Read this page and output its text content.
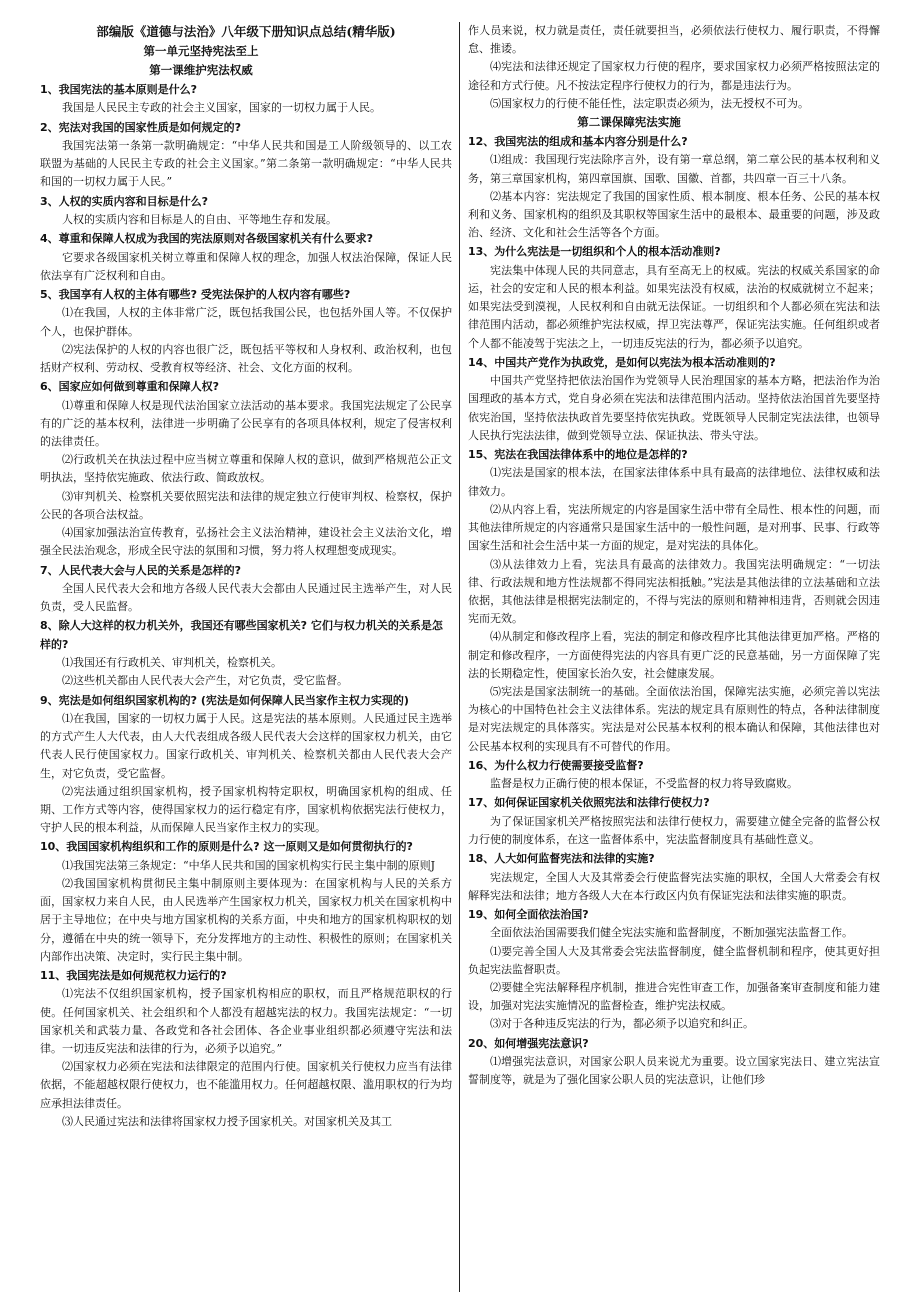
部编版《道德与法治》八年级下册知识点总结(精华版)

第一单元坚持宪法至上

第一课维护宪法权威

1、我国宪法的基本原则是什么?

我国是人民民主专政的社会主义国家，国家的一切权力属于人民。

2、宪法对我国的国家性质是如何规定的?

我国宪法第一条第一款明确规定：“中华人民共和国是工人阶级领导的、以工农联盟为基础的人民民主专政的社会主义国家。”第二条第一款明确规定：“中华人民共和国的一切权力属于人民。”

3、人权的实质内容和目标是什么?

人权的实质内容和目标是人的自由、平等地生存和发展。

4、尊重和保障人权成为我国的宪法原则对各级国家机关有什么要求?

它要求各级国家机关树立尊重和保障人权的理念，加强人权法治保障，保证人民依法享有广泛权利和自由。

5、我国享有人权的主体有哪些? 受宪法保护的人权内容有哪些?

⑴在我国，人权的主体非常广泛，既包括我国公民，也包括外国人等。不仅保护个人，也保护群体。

⑵宪法保护的人权的内容也很广泛，既包括平等权和人身权利、政治权利，也包括财产权利、劳动权、受教育权等经济、社会、文化方面的权利。

6、国家应如何做到尊重和保障人权?

⑴尊重和保障人权是现代法治国家立法活动的基本要求。我国宪法规定了公民享有的广泛的基本权利，法律进一步明确了公民享有的各项具体权利，规定了侵害权利的法律责任。

⑵行政机关在执法过程中应当树立尊重和保障人权的意识，做到严格规范公正文明执法，坚持依宪施政、依法行政、简政放权。

⑶审判机关、检察机关要依照宪法和法律的规定独立行使审判权、检察权，保护公民的各项合法权益。

⑷国家加强法治宣传教育，弘扬社会主义法治精神，建设社会主义法治文化，增强全民法治观念，形成全民守法的氛围和习惯，努力将人权理想变成现实。

7、人民代表大会与人民的关系是怎样的?

全国人民代表大会和地方各级人民代表大会都由人民通过民主选举产生，对人民负责，受人民监督。

8、除人大这样的权力机关外，我国还有哪些国家机关? 它们与权力机关的关系是怎样的?

⑴我国还有行政机关、审判机关，检察机关。

⑵这些机关都由人民代表大会产生，对它负责，受它监督。

9、宪法是如何组织国家机构的? (宪法是如何保障人民当家作主权力实现的)

⑴在我国，国家的一切权力属于人民。这是宪法的基本原则。人民通过民主选举的方式产生人大代表，由人大代表组成各级人民代表大会这样的国家权力机关，由它代表人民行使国家权力。国家行政机关、审判机关、检察机关都由人民代表大会产生，对它负责，受它监督。

⑵宪法通过组织国家机构，授予国家机构特定职权，明确国家机构的组成、任期、工作方式等内容，使得国家权力的运行稳定有序，国家机构依据宪法行使权力，守护人民的根本利益，从而保障人民当家作主权力的实现。

10、我国国家机构组织和工作的原则是什么? 这一原则又是如何贯彻执行的?

⑴我国宪法第三条规定：“中华人民共和国的国家机构实行民主集中制的原则J

⑵我国国家机构贯彻民主集中制原则主要体现为：在国家机构与人民的关系方面，国家权力来自人民，由人民选举产生国家权力机关，国家权力机关在国家机构中居于主导地位；在中央与地方国家机构的关系方面，中央和地方的国家机构职权的划分，遵循在中央的统一领导下，充分发挥地方的主动性、积极性的原则；在国家机关内部作出决策、决定时，实行民主集中制。

11、我国宪法是如何规范权力运行的?

⑴宪法不仅组织国家机构，授予国家机构相应的职权，而且严格规范职权的行使。任何国家机关、社会组织和个人都没有超越宪法的权力。我国宪法规定：“一切国家机关和武装力量、各政党和各社会团体、各企业事业组织都必须遵守宪法和法律。一切违反宪法和法律的行为，必须予以追究。”

⑵国家权力必须在宪法和法律限定的范围内行使。国家机关行使权力应当有法律依据，不能超越权限行使权力，也不能滥用权力。任何超越权限、滥用职权的行为均应承担法律责任。

⑶人民通过宪法和法律将国家权力授予国家机关。对国家机关及其工

作人员来说，权力就是责任，责任就要担当，必须依法行使权力、履行职责，不得懈怠、推诿。

⑷宪法和法律还规定了国家权力行使的程序，要求国家权力必须严格按照法定的途径和方式行使。凡不按法定程序行使权力的行为，都是违法行为。

⑸国家权力的行使不能任性，法定职责必须为，法无授权不可为。

第二课保障宪法实施

12、我国宪法的组成和基本内容分别是什么?

⑴组成：我国现行宪法除序言外，设有第一章总纲，第二章公民的基本权利和义务，第三章国家机构，第四章国旗、国歌、国徽、首都，共四章一百三十八条。

⑵基本内容：宪法规定了我国的国家性质、根本制度、根本任务、公民的基本权利和义务、国家机构的组织及其职权等国家生活中的最根本、最重要的问题，涉及政治、经济、文化和社会生活等各个方面。

13、为什么宪法是一切组织和个人的根本活动准则?

宪法集中体现人民的共同意志，具有至高无上的权威。宪法的权威关系国家的命运，社会的安定和人民的根本利益。如果宪法没有权威，法治的权威就树立不起来；如果宪法受到漠视，人民权利和自由就无法保证。一切组织和个人都必须在宪法和法律范围内活动，都必须维护宪法权威，捍卫宪法尊严，保证宪法实施。任何组织或者个人都不能凌驾于宪法之上，一切违反宪法的行为，都必须予以追究。

14、中国共产党作为执政党，是如何以宪法为根本活动准则的?

中国共产党坚持把依法治国作为党领导人民治理国家的基本方略，把法治作为治国理政的基本方式，党自身必须在宪法和法律范围内活动。坚持依法治国首先要坚持依宪治国，坚持依法执政首先要坚持依宪执政。党既领导人民制定宪法法律，也领导人民执行宪法法律，做到党领导立法、保证执法、带头守法。

15、宪法在我国法律体系中的地位是怎样的?

⑴宪法是国家的根本法，在国家法律体系中具有最高的法律地位、法律权威和法律效力。

⑵从内容上看，宪法所规定的内容是国家生活中带有全局性、根本性的问题，而其他法律所规定的内容通常只是国家生活中的一般性问题，是对刑事、民事、行政等国家生活和社会生活中某一方面的规定，是对宪法的具体化。

⑶从法律效力上看，宪法具有最高的法律效力。我国宪法明确规定：“一切法律、行政法规和地方性法规都不得同宪法相抵触。”宪法是其他法律的立法基础和立法依据，其他法律是根据宪法制定的，不得与宪法的原则和精神相违背，否则就会因违宪而无效。

⑷从制定和修改程序上看，宪法的制定和修改程序比其他法律更加严格。严格的制定和修改程序，一方面使得宪法的内容具有更广泛的民意基础，另一方面保障了宪法的长期稳定性，使国家长治久安，社会健康发展。

⑸宪法是国家法制统一的基础。全面依法治国，保障宪法实施，必须完善以宪法为核心的中国特色社会主义法律体系。宪法的规定具有原则性的特点，各种法律制度是对宪法规定的具体落实。宪法是对公民基本权利的根本确认和保障，其他法律也对公民基本权利的实现具有不可替代的作用。

16、为什么权力行使需要接受监督?

监督是权力正确行使的根本保证，不受监督的权力将导致腐败。

17、如何保证国家机关依照宪法和法律行使权力?

为了保证国家机关严格按照宪法和法律行使权力，需要建立健全完备的监督公权力行使的制度体系，在这一监督体系中，宪法监督制度具有基础性意义。

18、人大如何监督宪法和法律的实施?

宪法规定，全国人大及其常委会行使监督宪法实施的职权，全国人大常委会有权解释宪法和法律；地方各级人大在本行政区内负有保证宪法和法律实施的职责。

19、如何全面依法治国?

全面依法治国需要我们健全宪法实施和监督制度，不断加强宪法监督工作。

⑴要完善全国人大及其常委会宪法监督制度，健全监督机制和程序，使其更好担负起宪法监督职责。

⑵要健全宪法解释程序机制，推进合宪性审查工作，加强备案审查制度和能力建设，加强对宪法实施情况的监督检查，维护宪法权威。

⑶对于各种违反宪法的行为，都必须予以追究和纠正。

20、如何增强宪法意识?

⑴增强宪法意识，对国家公职人员来说尤为重要。设立国家宪法日、建立宪法宣誓制度等，就是为了强化国家公职人员的宪法意识，让他们珍
